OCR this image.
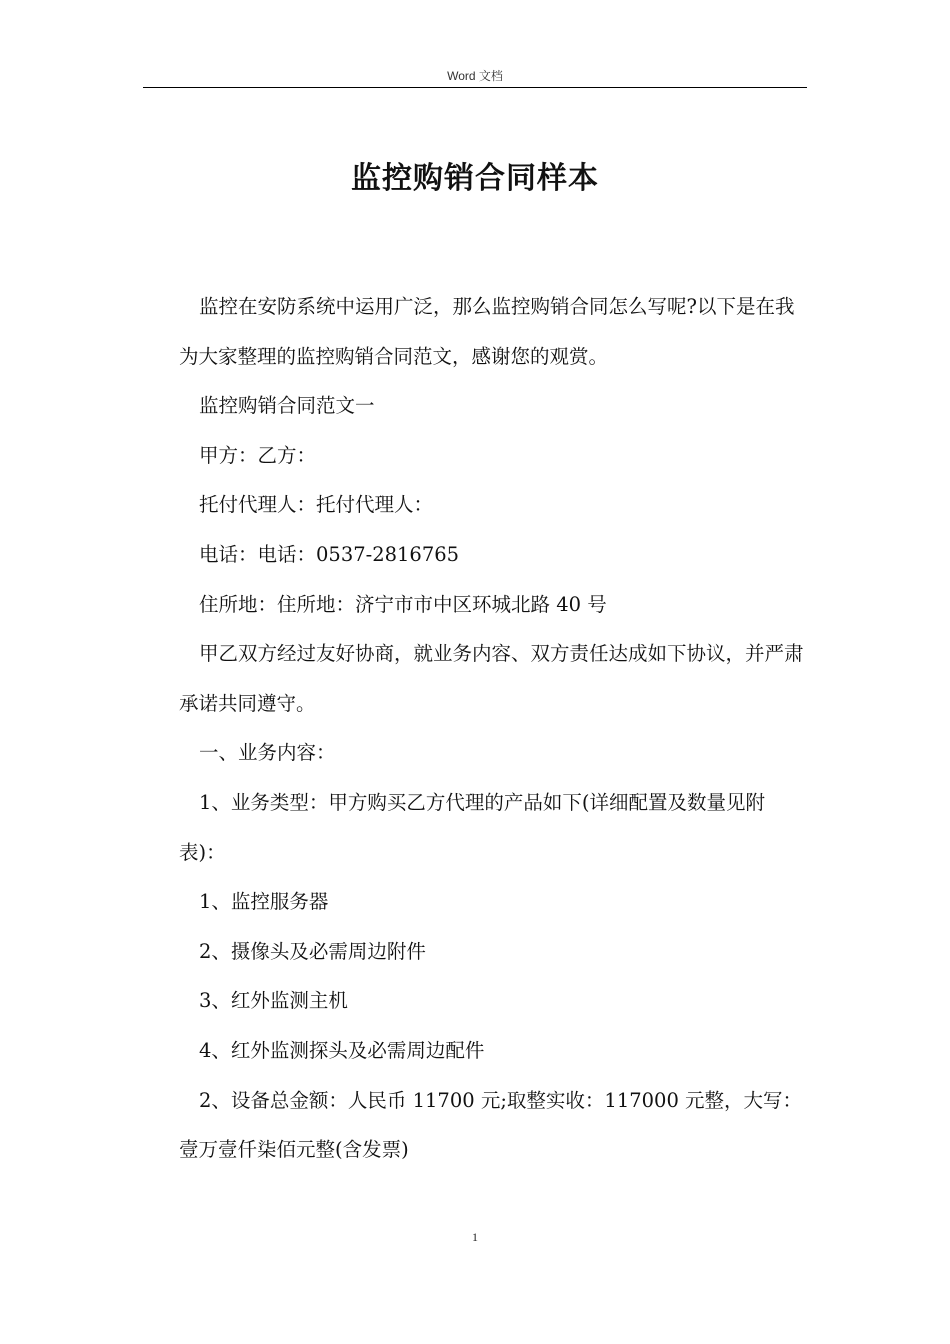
Word 文档
监控购销合同样本

监控在安防系统中运用广泛，那么监控购销合同怎么写呢?以下是在我为大家整理的监控购销合同范文，感谢您的观赏。

监控购销合同范文一

甲方：乙方：

托付代理人：托付代理人：

电话：电话：0537-2816765

住所地：住所地：济宁市市中区环城北路 40 号

甲乙双方经过友好协商，就业务内容、双方责任达成如下协议，并严肃承诺共同遵守。

一、业务内容：

1、业务类型：甲方购买乙方代理的产品如下(详细配置及数量见附表)：

1、监控服务器

2、摄像头及必需周边附件

3、红外监测主机

4、红外监测探头及必需周边配件

2、设备总金额：人民币 11700 元;取整实收：117000 元整，大写：壹万壹仟柒佰元整(含发票)

1
